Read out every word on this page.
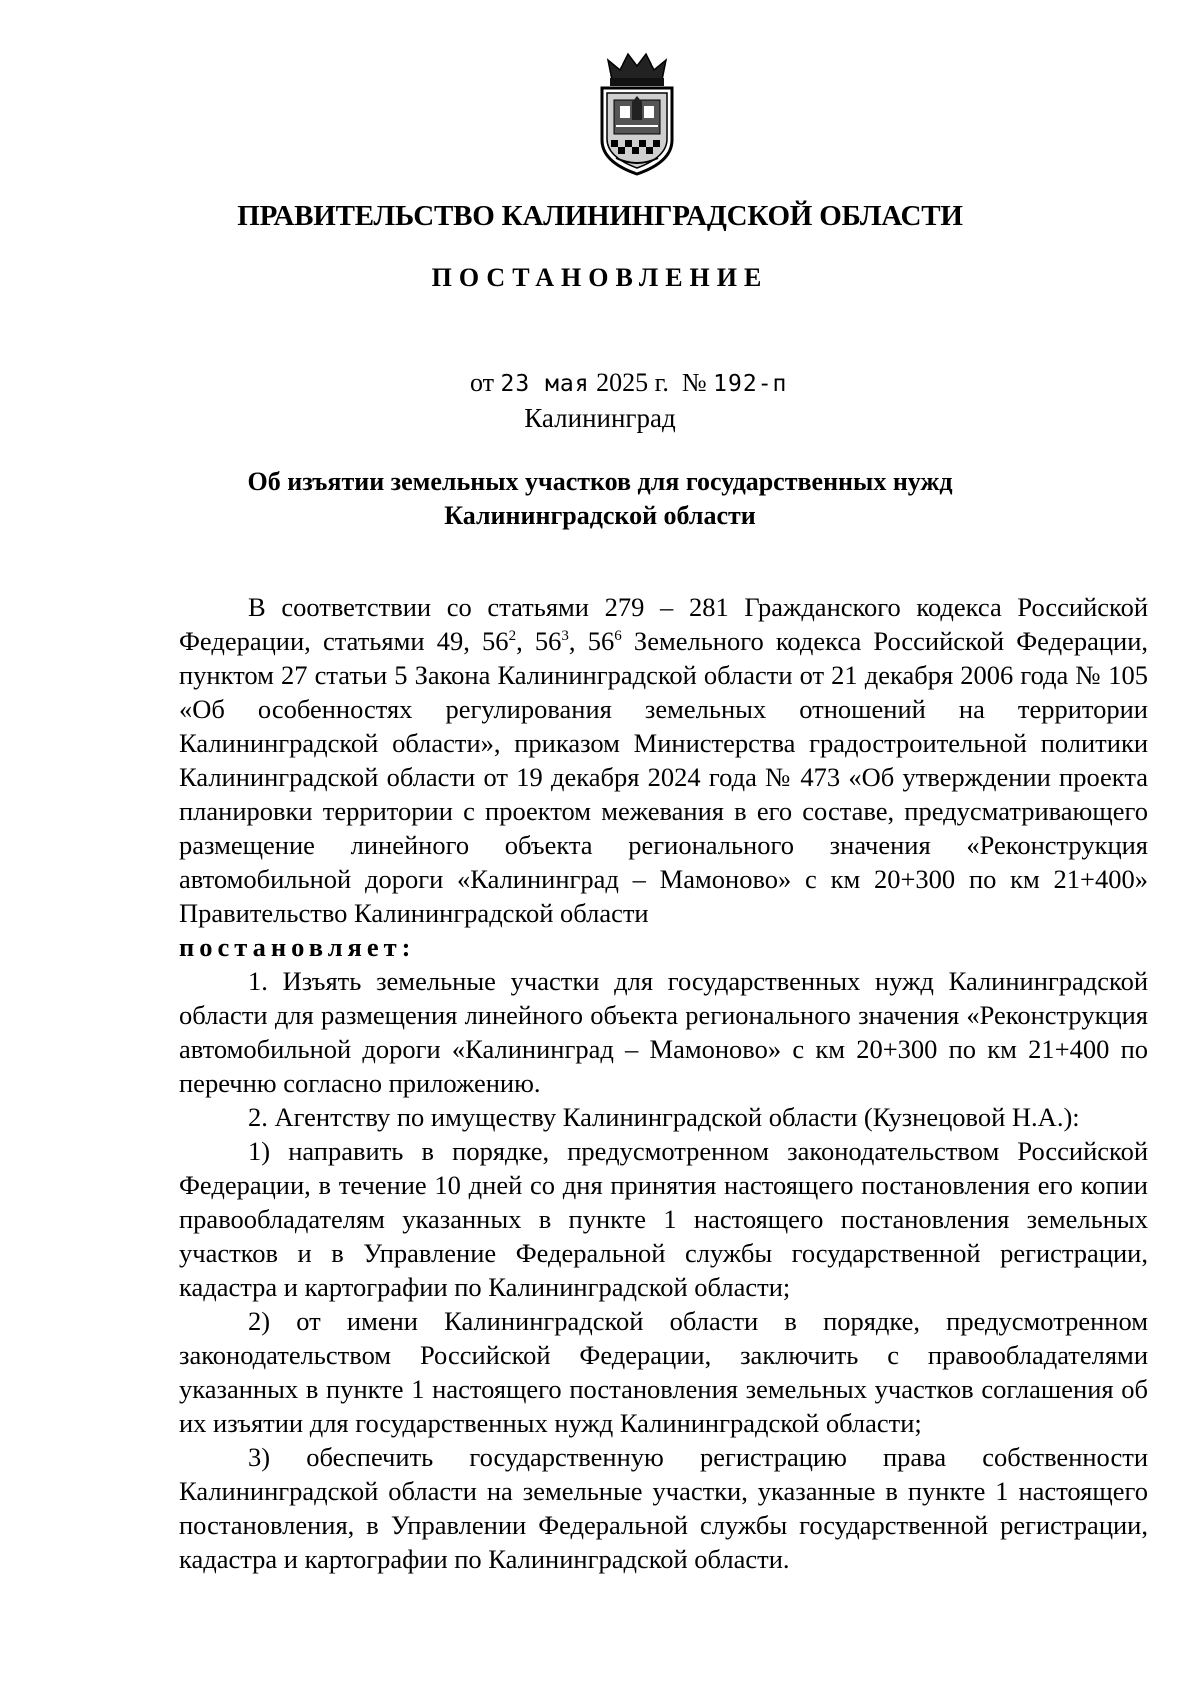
ПРАВИТЕЛЬСТВО КАЛИНИНГРАДСКОЙ ОБЛАСТИ
ПОСТАНОВЛЕНИЕ
от 23 мая 2025 г. № 192-п
Калининград
Об изъятии земельных участков для государственных нужд
Калининградской области

В соответствии со статьями 279 – 281 Гражданского кодекса Российской Федерации, статьями 49, $56^2$, $56^3$, $56^6$ Земельного кодекса Российской Федерации, пунктом 27 статьи 5 Закона Калининградской области от 21 декабря 2006 года № 105 «Об особенностях регулирования земельных отношений на территории Калининградской области», приказом Министерства градостроительной политики Калининградской области от 19 декабря 2024 года № 473 «Об утверждении проекта планировки территории с проектом межевания в его составе, предусматривающего размещение линейного объекта регионального значения «Реконструкция автомобильной дороги «Калининград – Мамоново» с км 20+300 по км 21+400» Правительство Калининградской области

постановляет:

1. Изъять земельные участки для государственных нужд Калининградской области для размещения линейного объекта регионального значения «Реконструкция автомобильной дороги «Калининград – Мамоново» с км 20+300 по км 21+400 по перечню согласно приложению.

2. Агентству по имуществу Калининградской области (Кузнецовой Н.А.):

1) направить в порядке, предусмотренном законодательством Российской Федерации, в течение 10 дней со дня принятия настоящего постановления его копии правообладателям указанных в пункте 1 настоящего постановления земельных участков и в Управление Федеральной службы государственной регистрации, кадастра и картографии по Калининградской области;

2) от имени Калининградской области в порядке, предусмотренном законодательством Российской Федерации, заключить с правообладателями указанных в пункте 1 настоящего постановления земельных участков соглашения об их изъятии для государственных нужд Калининградской области;

3) обеспечить государственную регистрацию права собственности Калининградской области на земельные участки, указанные в пункте 1 настоящего постановления, в Управлении Федеральной службы государственной регистрации, кадастра и картографии по Калининградской области.
